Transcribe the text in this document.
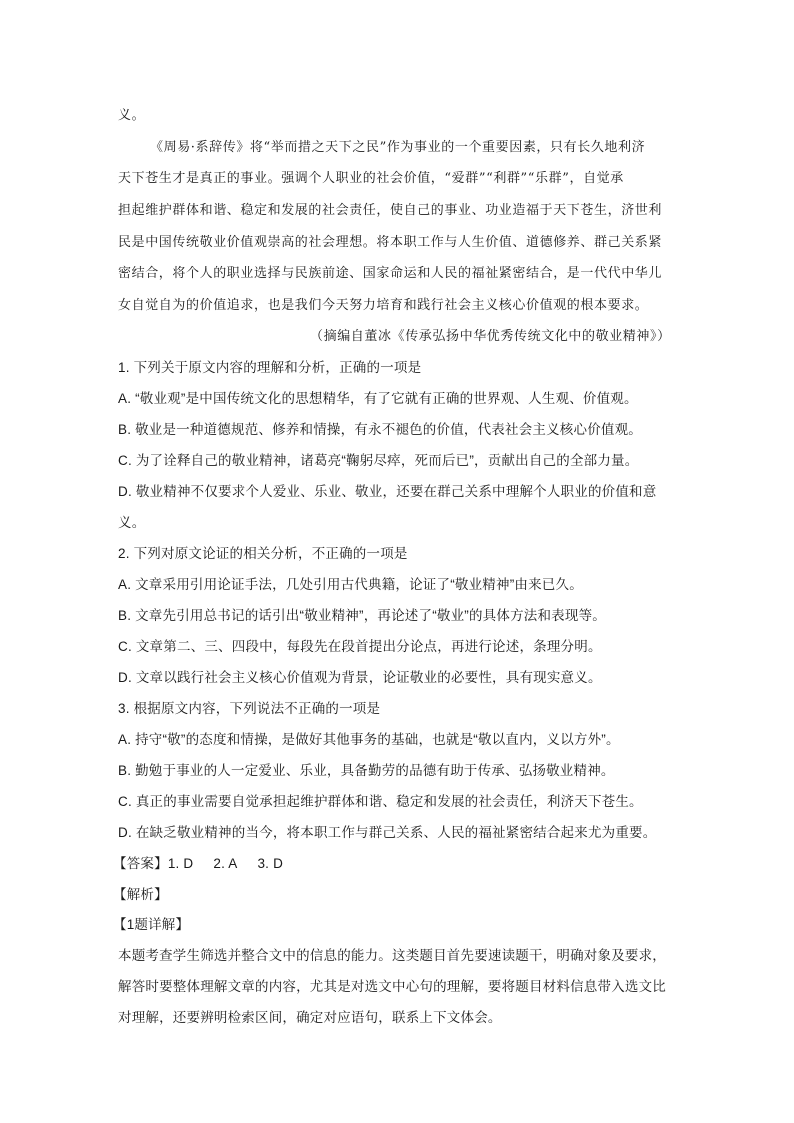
义。
《周易·系辞传》将“举而措之天下之民”作为事业的一个重要因素，只有长久地利济
天下苍生才是真正的事业。强调个人职业的社会价值，“爱群”“利群”“乐群”，自觉承
担起维护群体和谐、稳定和发展的社会责任，使自己的事业、功业造福于天下苍生，济世利
民是中国传统敬业价值观崇高的社会理想。将本职工作与人生价值、道德修养、群己关系紧
密结合，将个人的职业选择与民族前途、国家命运和人民的福祉紧密结合，是一代代中华儿
女自觉自为的价值追求，也是我们今天努力培育和践行社会主义核心价值观的根本要求。
（摘编自董冰《传承弘扬中华优秀传统文化中的敬业精神》）
1. 下列关于原文内容的理解和分析，正确的一项是
A. “敬业观”是中国传统文化的思想精华，有了它就有正确的世界观、人生观、价值观。
B. 敬业是一种道德规范、修养和情操，有永不褪色的价值，代表社会主义核心价值观。
C. 为了诠释自己的敬业精神，诸葛亮“鞠躬尽瘁，死而后已”，贡献出自己的全部力量。
D. 敬业精神不仅要求个人爱业、乐业、敬业，还要在群己关系中理解个人职业的价值和意
义。
2. 下列对原文论证的相关分析，不正确的一项是
A. 文章采用引用论证手法，几处引用古代典籍，论证了“敬业精神”由来已久。
B. 文章先引用总书记的话引出“敬业精神”，再论述了“敬业”的具体方法和表现等。
C. 文章第二、三、四段中，每段先在段首提出分论点，再进行论述，条理分明。
D. 文章以践行社会主义核心价值观为背景，论证敬业的必要性，具有现实意义。
3. 根据原文内容，下列说法不正确的一项是
A. 持守“敬”的态度和情操，是做好其他事务的基础，也就是“敬以直内，义以方外”。
B. 勤勉于事业的人一定爱业、乐业，具备勤劳的品德有助于传承、弘扬敬业精神。
C. 真正的事业需要自觉承担起维护群体和谐、稳定和发展的社会责任，利济天下苍生。
D. 在缺乏敬业精神的当今，将本职工作与群己关系、人民的福祉紧密结合起来尤为重要。
【答案】1. D 2. A 3. D
【解析】
【1题详解】
本题考查学生筛选并整合文中的信息的能力。这类题目首先要速读题干，明确对象及要求，
解答时要整体理解文章的内容，尤其是对选文中心句的理解，要将题目材料信息带入选文比
对理解，还要辨明检索区间，确定对应语句，联系上下文体会。
